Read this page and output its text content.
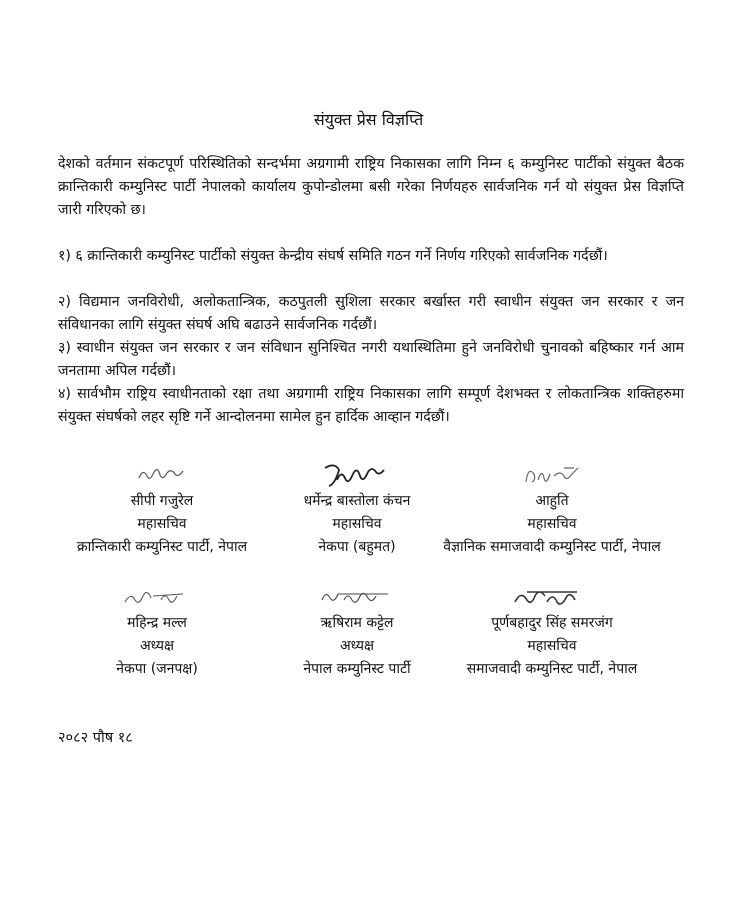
संयुक्त प्रेस विज्ञप्ति

देशको वर्तमान संकटपूर्ण परिस्थितिको सन्दर्भमा अग्रगामी राष्ट्रिय निकासका लागि निम्न ६ कम्युनिस्ट पार्टीको संयुक्त बैठक क्रान्तिकारी कम्युनिस्ट पार्टी नेपालको कार्यालय कुपोन्डोलमा बसी गरेका निर्णयहरु सार्वजनिक गर्न यो संयुक्त प्रेस विज्ञप्ति जारी गरिएको छ।

१) ६ क्रान्तिकारी कम्युनिस्ट पार्टीको संयुक्त केन्द्रीय संघर्ष समिति गठन गर्ने निर्णय गरिएको सार्वजनिक गर्दछौं।

२) विद्यमान जनविरोधी, अलोकतान्त्रिक, कठपुतली सुशिला सरकार बर्खास्त गरी स्वाधीन संयुक्त जन सरकार र जन संविधानका लागि संयुक्त संघर्ष अघि बढाउने सार्वजनिक गर्दछौं।

३) स्वाधीन संयुक्त जन सरकार र जन संविधान सुनिश्चित नगरी यथास्थितिमा हुने जनविरोधी चुनावको बहिष्कार गर्न आम जनतामा अपिल गर्दछौं।

४) सार्वभौम राष्ट्रिय स्वाधीनताको रक्षा तथा अग्रगामी राष्ट्रिय निकासका लागि सम्पूर्ण देशभक्त र लोकतान्त्रिक शक्तिहरुमा संयुक्त संघर्षको लहर सृष्टि गर्ने आन्दोलनमा सामेल हुन हार्दिक आव्हान गर्दछौं।

सीपी गजुरेल
महासचिव
क्रान्तिकारी कम्युनिस्ट पार्टी, नेपाल
धर्मेन्द्र बास्तोला कंचन
महासचिव
नेकपा (बहुमत)
आहुति
महासचिव
वैज्ञानिक समाजवादी कम्युनिस्ट पार्टी, नेपाल
महिन्द्र मल्ल
अध्यक्ष
नेकपा (जनपक्ष)
ऋषिराम कट्टेल
अध्यक्ष
नेपाल कम्युनिस्ट पार्टी
पूर्णबहादुर सिंह समरजंग
महासचिव
समाजवादी कम्युनिस्ट पार्टी, नेपाल
२०८२ पौष १८
